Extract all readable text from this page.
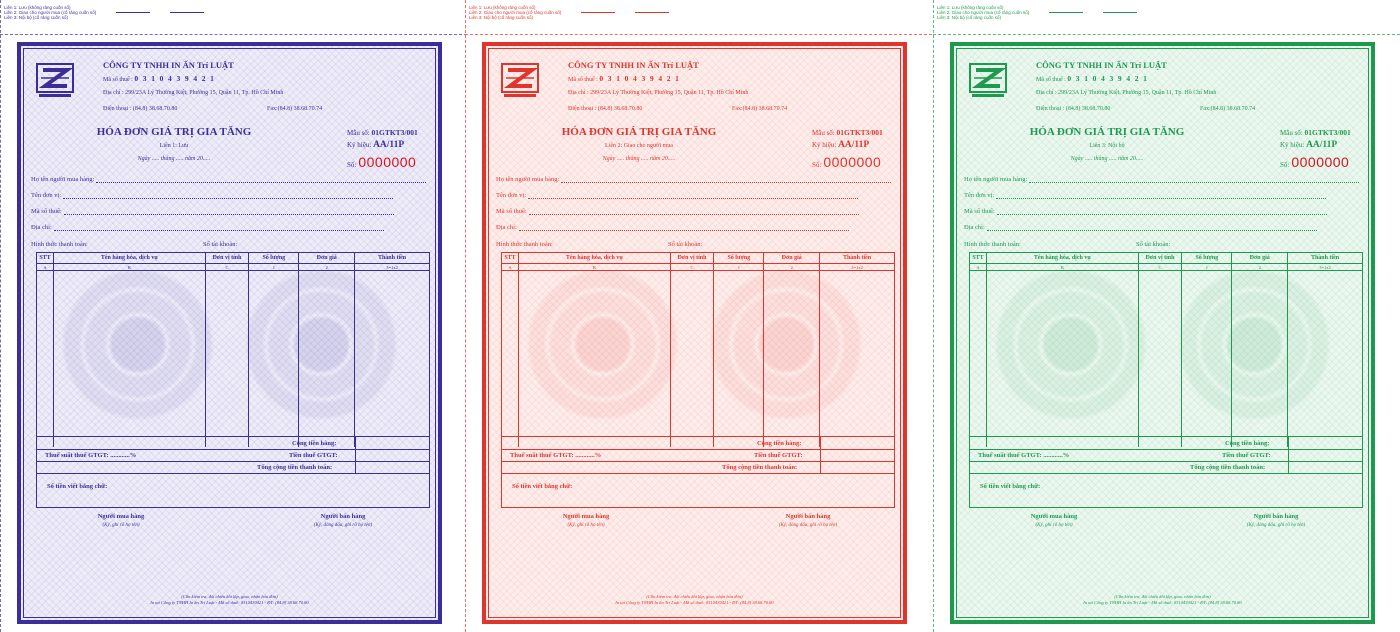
Liên 1: Lưu (không rảng cuốn sổ)
Liên 2: Giao cho người mua (cố rảng cuốn sổ)
Liên 3: Nội bộ (cố rảng cuốn sổ)
CÔNG TY TNHH IN ẤN Trí LUẬT
Mã số thuế : 0 3 1 0 4 3 9 4 2 1
Địa chỉ : 299/23A Lý Thường Kiệt, Phường 15, Quận 11, Tp. Hồ Chí Minh
Điện thoại : (84.8) 38.68.70.80	Fax:(84.8) 38.68.70.74
HÓA ĐƠN GIÁ TRỊ GIA TĂNG
Liên 1: Lưu
Ngày ..... tháng ..... năm 20.....
Mẫu số: 01GTKT3/001
Ký hiệu: AA/11P
Số: 0000000
Họ tên người mua hàng:
Tên đơn vị:
Mã số thuế:
Địa chỉ:
Hình thức thanh toán:	Số tài khoản:
STT	Tên hàng hóa, dịch vụ	Đơn vị tính	Số lượng	Đơn giá	Thành tiền
A	B	C	1	2	3=1x2

Cộng tiền hàng:
Thuế suất thuế GTGT: ............%	Tiền thuế GTGT:
Tổng cộng tiền thanh toán:
Số tiền viết bằng chữ:
Người mua hàng
(Ký, ghi rõ họ tên)
Người bán hàng
(Ký, đóng dấu, ghi rõ họ tên)
(Cần kiểm tra, đối chiếu khi lập, giao, nhận hóa đơn)
In tại Công ty TNHH In ấn Trí Luật - Mã số thuế: 0310439421 - ĐT: (84.8) 38.68.70.80
Liên 1: Lưu (không rảng cuốn sổ)
Liên 2: Giao cho người mua (cố rảng cuốn sổ)
Liên 3: Nội bộ (cố rảng cuốn sổ)
CÔNG TY TNHH IN ẤN Trí LUẬT
Mã số thuế : 0 3 1 0 4 3 9 4 2 1
Địa chỉ : 299/23A Lý Thường Kiệt, Phường 15, Quận 11, Tp. Hồ Chí Minh
Điện thoại : (84.8) 38.68.70.80	Fax:(84.8) 38.68.70.74
HÓA ĐƠN GIÁ TRỊ GIA TĂNG
Liên 2: Giao cho người mua
Ngày ..... tháng ..... năm 20.....
Mẫu số: 01GTKT3/001
Ký hiệu: AA/11P
Số: 0000000
Họ tên người mua hàng:
Tên đơn vị:
Mã số thuế:
Địa chỉ:
Hình thức thanh toán:	Số tài khoản:
STT	Tên hàng hóa, dịch vụ	Đơn vị tính	Số lượng	Đơn giá	Thành tiền
A	B	C	1	2	3=1x2

Cộng tiền hàng:
Thuế suất thuế GTGT: ............%	Tiền thuế GTGT:
Tổng cộng tiền thanh toán:
Số tiền viết bằng chữ:
Người mua hàng
(Ký, ghi rõ họ tên)
Người bán hàng
(Ký, đóng dấu, ghi rõ họ tên)
(Cần kiểm tra, đối chiếu khi lập, giao, nhận hóa đơn)
In tại Công ty TNHH In ấn Trí Luật - Mã số thuế: 0310439421 - ĐT: (84.8) 38.68.70.80
Liên 1: Lưu (không rảng cuốn sổ)
Liên 2: Giao cho người mua (cố rảng cuốn sổ)
Liên 3: Nội bộ (cố rảng cuốn sổ)
CÔNG TY TNHH IN ẤN Trí LUẬT
Mã số thuế : 0 3 1 0 4 3 9 4 2 1
Địa chỉ : 299/23A Lý Thường Kiệt, Phường 15, Quận 11, Tp. Hồ Chí Minh
Điện thoại : (84.8) 38.68.70.80	Fax:(84.8) 38.68.70.74
HÓA ĐƠN GIÁ TRỊ GIA TĂNG
Liên 3: Nội bộ
Ngày ..... tháng ..... năm 20.....
Mẫu số: 01GTKT3/001
Ký hiệu: AA/11P
Số: 0000000
Họ tên người mua hàng:
Tên đơn vị:
Mã số thuế:
Địa chỉ:
Hình thức thanh toán:	Số tài khoản:
STT	Tên hàng hóa, dịch vụ	Đơn vị tính	Số lượng	Đơn giá	Thành tiền
A	B	C	1	2	3=1x2

Cộng tiền hàng:
Thuế suất thuế GTGT: ............%	Tiền thuế GTGT:
Tổng cộng tiền thanh toán:
Số tiền viết bằng chữ:
Người mua hàng
(Ký, ghi rõ họ tên)
Người bán hàng
(Ký, đóng dấu, ghi rõ họ tên)
(Cần kiểm tra, đối chiếu khi lập, giao, nhận hóa đơn)
In tại Công ty TNHH In ấn Trí Luật - Mã số thuế: 0310439421 - ĐT: (84.8) 38.68.70.80
